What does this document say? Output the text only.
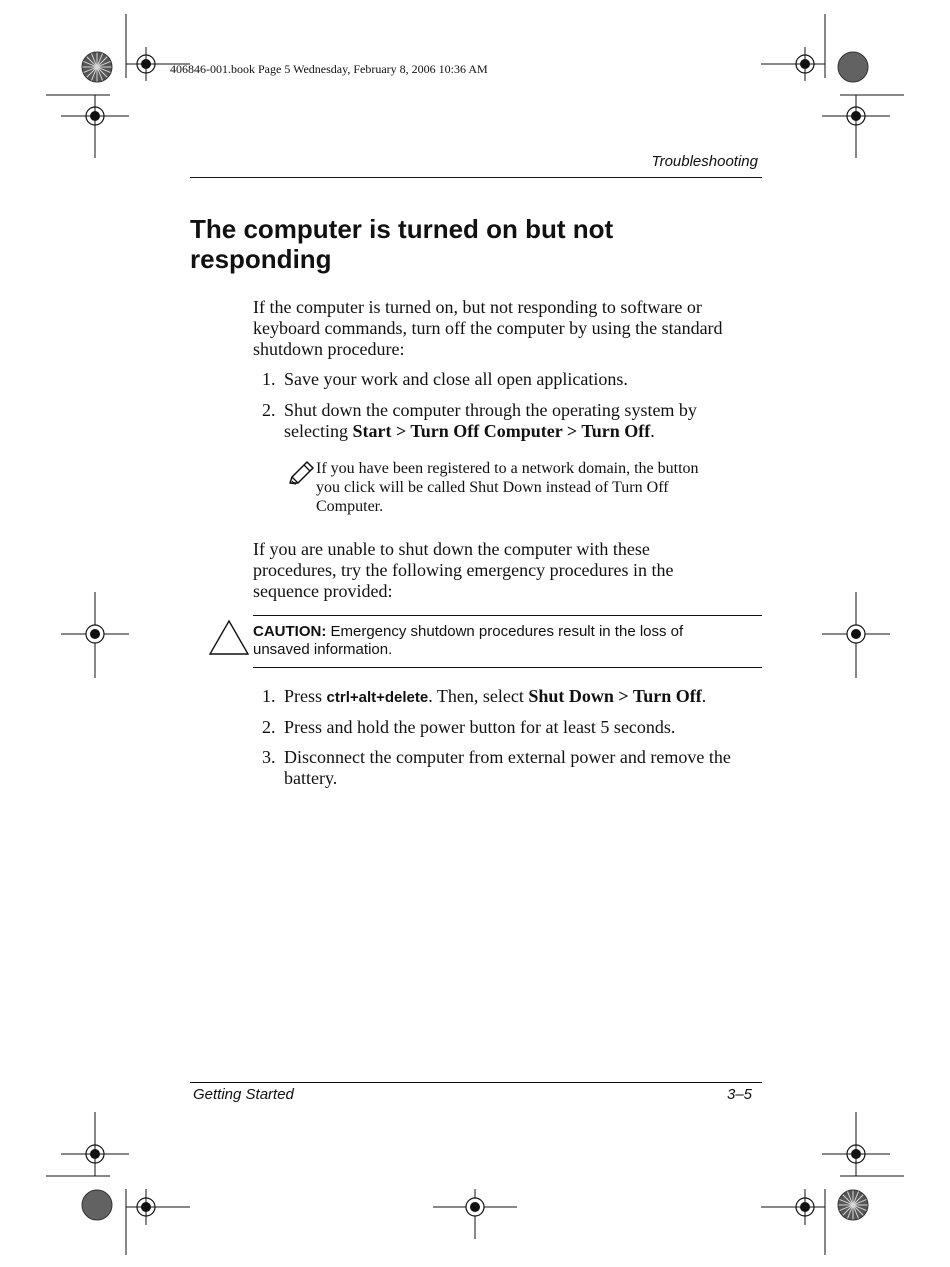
406846-001.book Page 5 Wednesday, February 8, 2006 10:36 AM
Troubleshooting
The computer is turned on but not
responding
If the computer is turned on, but not responding to software or
keyboard commands, turn off the computer by using the standard
shutdown procedure:
1. Save your work and close all open applications.
2. Shut down the computer through the operating system by
selecting Start > Turn Off Computer > Turn Off.
If you have been registered to a network domain, the button
you click will be called Shut Down instead of Turn Off
Computer.
If you are unable to shut down the computer with these
procedures, try the following emergency procedures in the
sequence provided:
CAUTION: Emergency shutdown procedures result in the loss of
unsaved information.
1. Press ctrl+alt+delete. Then, select Shut Down > Turn Off.
2. Press and hold the power button for at least 5 seconds.
3. Disconnect the computer from external power and remove the
battery.
Getting Started	3–5
